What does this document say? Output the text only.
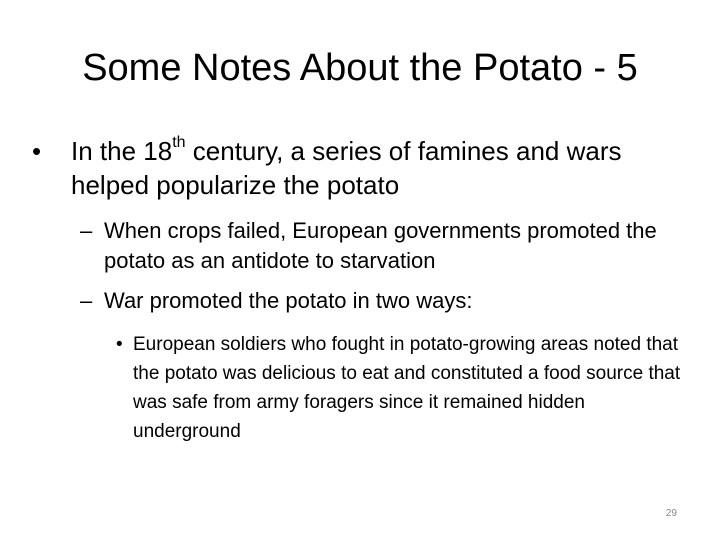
Some Notes About the Potato - 5
• In the 18th century, a series of famines and wars helped popularize the potato
– When crops failed, European governments promoted the potato as an antidote to starvation
– War promoted the potato in two ways:
• European soldiers who fought in potato-growing areas noted that the potato was delicious to eat and constituted a food source that was safe from army foragers since it remained hidden underground
29
